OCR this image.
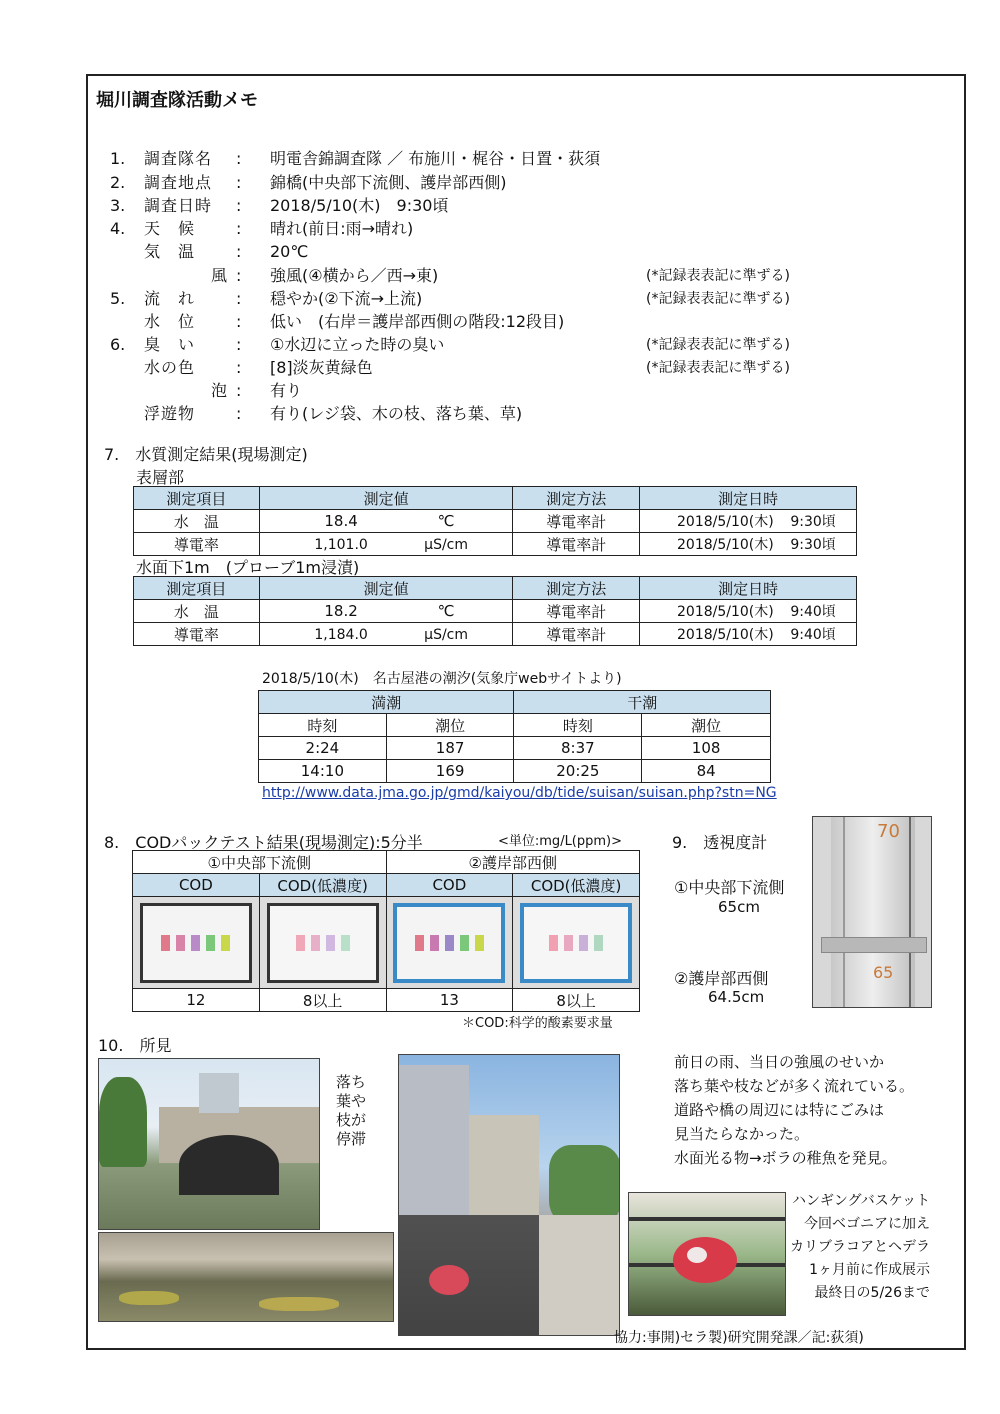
堀川調査隊活動メモ
1. 調査隊名 : 明電舎錦調査隊 ／ 布施川・梶谷・日置・荻須
2. 調査地点 : 錦橋(中央部下流側、護岸部西側)
3. 調査日時 : 2018/5/10(木)　9:30頃
4. 天　候	: 晴れ(前日:雨→晴れ)
気　温	: 20℃
風 : 強風(④横から／西→東)	(*記録表表記に準ずる)
5. 流　れ	: 穏やか(②下流→上流)	(*記録表表記に準ずる)
水　位	: 低い　(右岸＝護岸部西側の階段:12段目)
6. 臭　い	: ①水辺に立った時の臭い	(*記録表表記に準ずる)
水の色	: [8]淡灰黄緑色	(*記録表表記に準ずる)
泡 : 有り
浮遊物	: 有り(レジ袋、木の枝、落ち葉、草)
7.　水質測定結果(現場測定)
表層部
測定項目	測定値	測定方法	測定日時
水　温	18.4 ℃	導電率計	2018/5/10(木) 9:30頃
導電率	1,101.0 μS/cm	導電率計	2018/5/10(木) 9:30頃
水面下1m　(プローブ1m浸漬)
測定項目	測定値	測定方法	測定日時
水　温	18.2 ℃	導電率計	2018/5/10(木) 9:40頃
導電率	1,184.0 μS/cm	導電率計	2018/5/10(木) 9:40頃
2018/5/10(木)　名古屋港の潮汐(気象庁webサイトより)
満潮		干潮	
時刻	潮位	時刻	潮位
2:24	187	8:37	108
14:10	169	20:25	84
http://www.data.jma.go.jp/gmd/kaiyou/db/tide/suisan/suisan.php?stn=NG
8.　CODパックテスト結果(現場測定):5分半	<単位:mg/L(ppm)>
①中央部下流側		②護岸部西側	
COD	COD(低濃度)	COD	COD(低濃度)

12	8以上	13	8以上
＊COD:科学的酸素要求量
9.　透視度計
①中央部下流側
65cm
②護岸部西側
64.5cm
70
65
10.　所見
落ち葉や枝が停滞
前日の雨、当日の強風のせいか
落ち葉や枝などが多く流れている。
道路や橋の周辺には特にごみは
見当たらなかった。
水面光る物→ボラの稚魚を発見。
ハンギングバスケット
今回ベゴニアに加え
カリブラコアとヘデラ
1ヶ月前に作成展示
最終日の5/26まで
協力:事開)セラ製)研究開発課／記:荻須)
